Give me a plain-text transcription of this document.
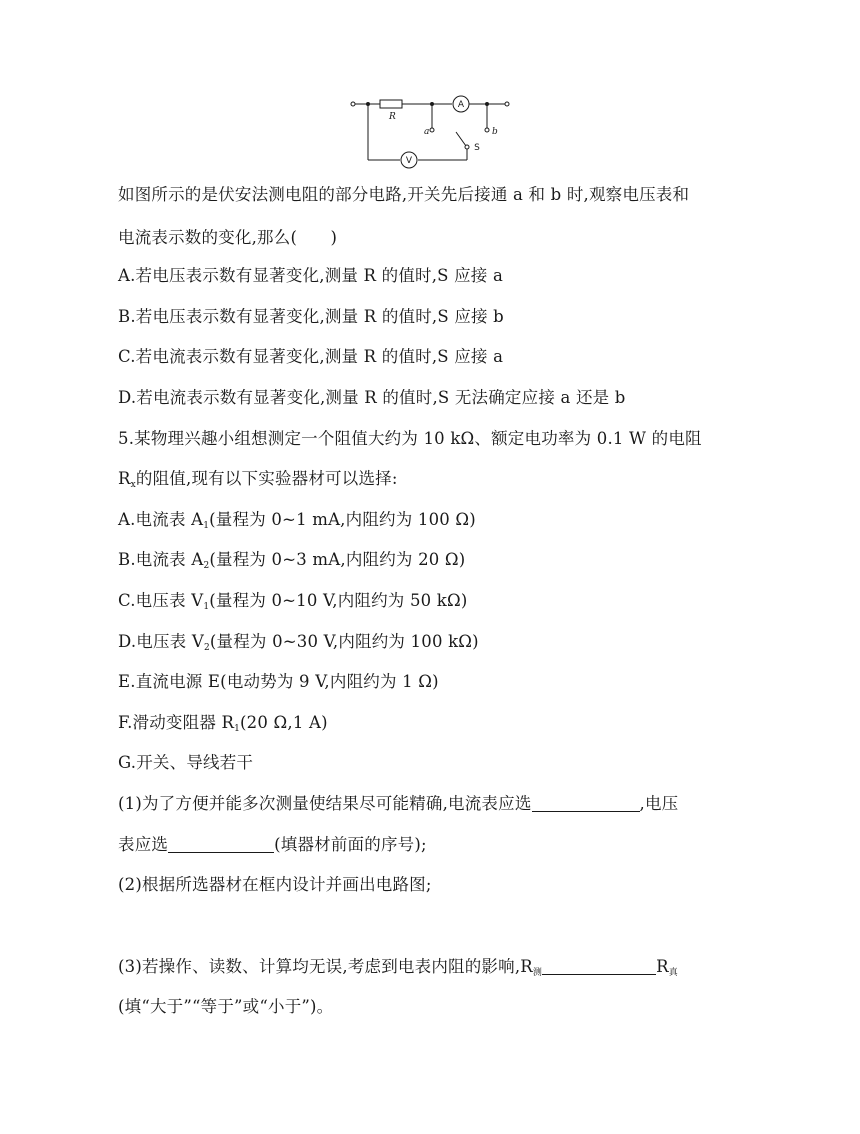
R
a	b
A
V
S
如图所示的是伏安法测电阻的部分电路,开关先后接通 a 和 b 时,观察电压表和
电流表示数的变化,那么(　　)
A.若电压表示数有显著变化,测量 R 的值时,S 应接 a
B.若电压表示数有显著变化,测量 R 的值时,S 应接 b
C.若电流表示数有显著变化,测量 R 的值时,S 应接 a
D.若电流表示数有显著变化,测量 R 的值时,S 无法确定应接 a 还是 b
5.某物理兴趣小组想测定一个阻值大约为 10 kΩ、额定电功率为 0.1 W 的电阻
$R_x$的阻值,现有以下实验器材可以选择:
A.电流表 $A_1$(量程为 0~1 mA,内阻约为 100 Ω)
B.电流表 $A_2$(量程为 0~3 mA,内阻约为 20 Ω)
C.电压表 $V_1$(量程为 0~10 V,内阻约为 50 kΩ)
D.电压表 $V_2$(量程为 0~30 V,内阻约为 100 kΩ)
E.直流电源 E(电动势为 9 V,内阻约为 1 Ω)
F.滑动变阻器 $R_1(20$ Ω,1 A)
G.开关、导线若干
(1)为了方便并能多次测量使结果尽可能精确,电流表应选	,电压
表应选	(填器材前面的序号);
(2)根据所选器材在框内设计并画出电路图;
(3)若操作、读数、计算均无误,考虑到电表内阻的影响,R测	R真
(填“大于”“等于”或“小于”)。
